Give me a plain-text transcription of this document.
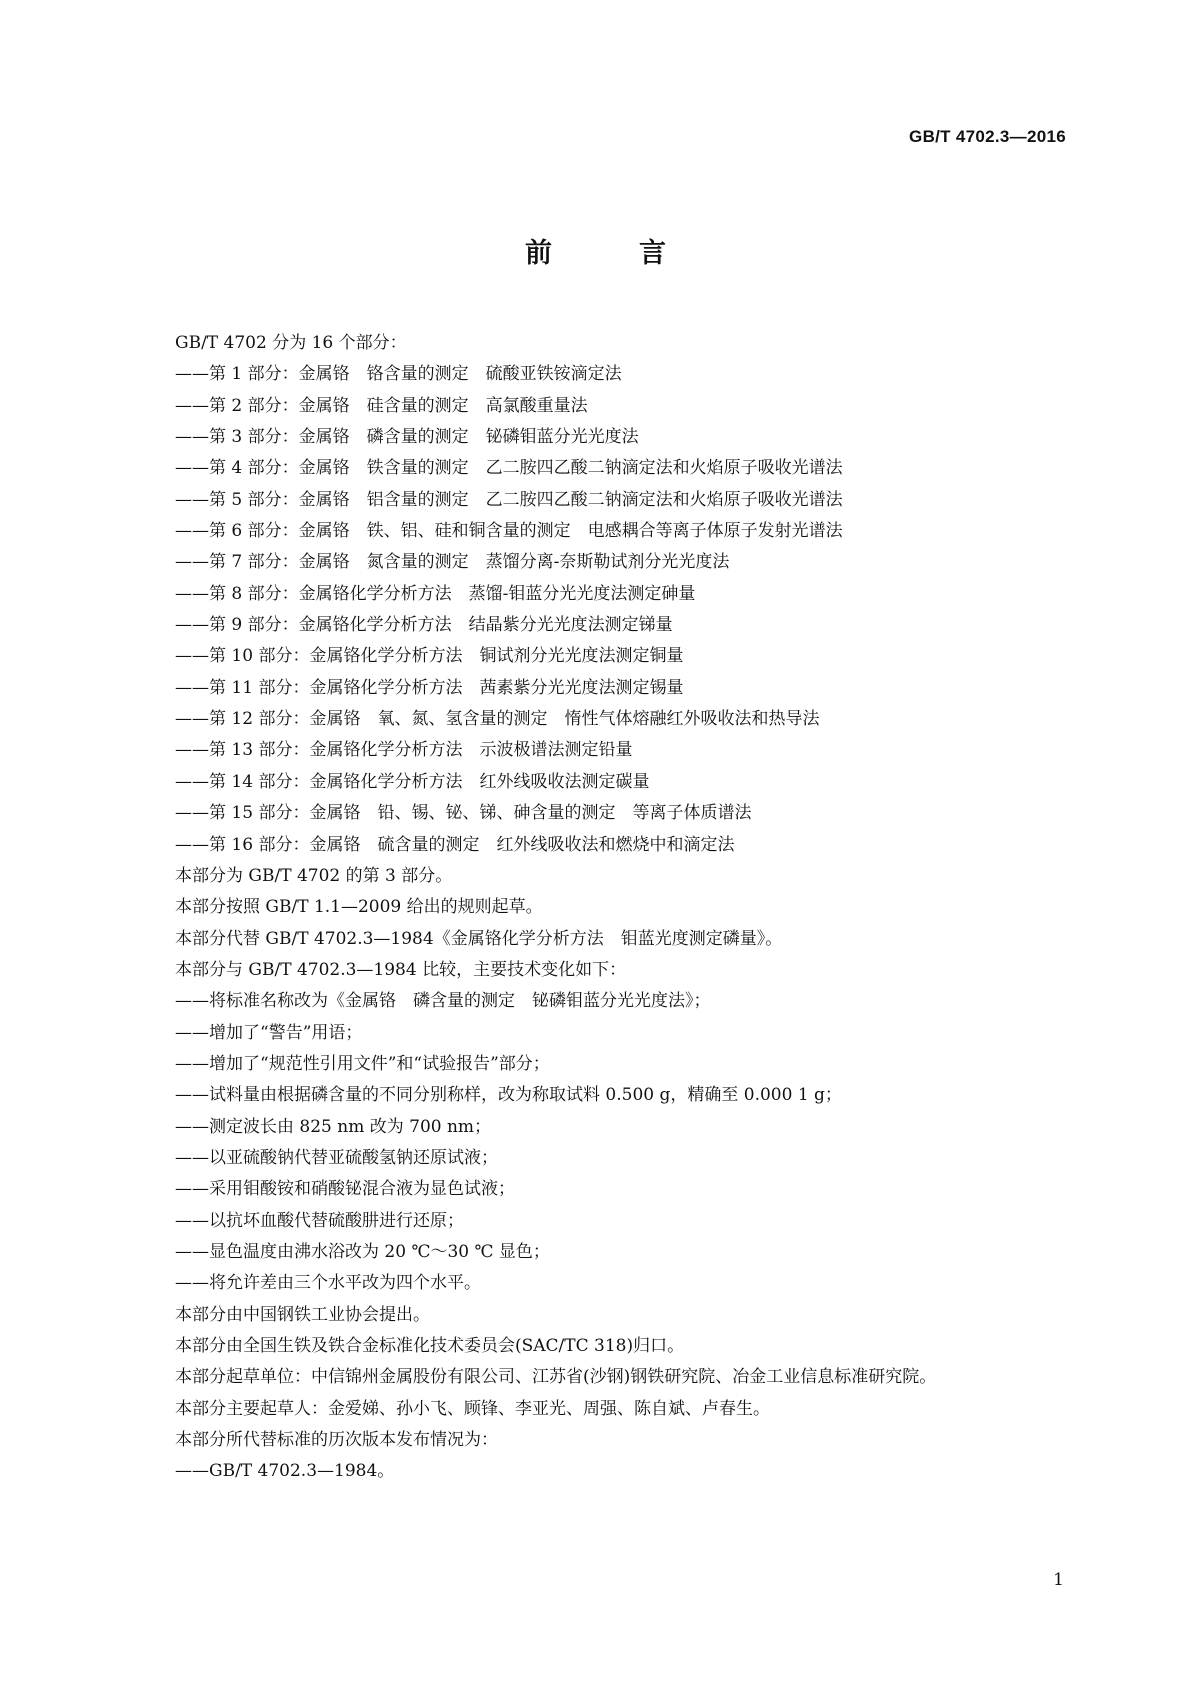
GB/T 4702.3—2016
前　言

GB/T 4702 分为 16 个部分：

——第 1 部分：金属铬　铬含量的测定　硫酸亚铁铵滴定法

——第 2 部分：金属铬　硅含量的测定　高氯酸重量法

——第 3 部分：金属铬　磷含量的测定　铋磷钼蓝分光光度法

——第 4 部分：金属铬　铁含量的测定　乙二胺四乙酸二钠滴定法和火焰原子吸收光谱法

——第 5 部分：金属铬　铝含量的测定　乙二胺四乙酸二钠滴定法和火焰原子吸收光谱法

——第 6 部分：金属铬　铁、铝、硅和铜含量的测定　电感耦合等离子体原子发射光谱法

——第 7 部分：金属铬　氮含量的测定　蒸馏分离-奈斯勒试剂分光光度法

——第 8 部分：金属铬化学分析方法　蒸馏-钼蓝分光光度法测定砷量

——第 9 部分：金属铬化学分析方法　结晶紫分光光度法测定锑量

——第 10 部分：金属铬化学分析方法　铜试剂分光光度法测定铜量

——第 11 部分：金属铬化学分析方法　茜素紫分光光度法测定锡量

——第 12 部分：金属铬　氧、氮、氢含量的测定　惰性气体熔融红外吸收法和热导法

——第 13 部分：金属铬化学分析方法　示波极谱法测定铅量

——第 14 部分：金属铬化学分析方法　红外线吸收法测定碳量

——第 15 部分：金属铬　铅、锡、铋、锑、砷含量的测定　等离子体质谱法

——第 16 部分：金属铬　硫含量的测定　红外线吸收法和燃烧中和滴定法

本部分为 GB/T 4702 的第 3 部分。

本部分按照 GB/T 1.1—2009 给出的规则起草。

本部分代替 GB/T 4702.3—1984《金属铬化学分析方法　钼蓝光度测定磷量》。

本部分与 GB/T 4702.3—1984 比较，主要技术变化如下：

——将标准名称改为《金属铬　磷含量的测定　铋磷钼蓝分光光度法》；

——增加了“警告”用语；

——增加了“规范性引用文件”和“试验报告”部分；

——试料量由根据磷含量的不同分别称样，改为称取试料 0.500 g，精确至 0.000 1 g；

——测定波长由 825 nm 改为 700 nm；

——以亚硫酸钠代替亚硫酸氢钠还原试液；

——采用钼酸铵和硝酸铋混合液为显色试液；

——以抗坏血酸代替硫酸肼进行还原；

——显色温度由沸水浴改为 20 ℃～30 ℃ 显色；

——将允许差由三个水平改为四个水平。

本部分由中国钢铁工业协会提出。

本部分由全国生铁及铁合金标准化技术委员会(SAC/TC 318)归口。

本部分起草单位：中信锦州金属股份有限公司、江苏省(沙钢)钢铁研究院、冶金工业信息标准研究院。

本部分主要起草人：金爱娣、孙小飞、顾锋、李亚光、周强、陈自斌、卢春生。

本部分所代替标准的历次版本发布情况为：

——GB/T 4702.3—1984。

1
